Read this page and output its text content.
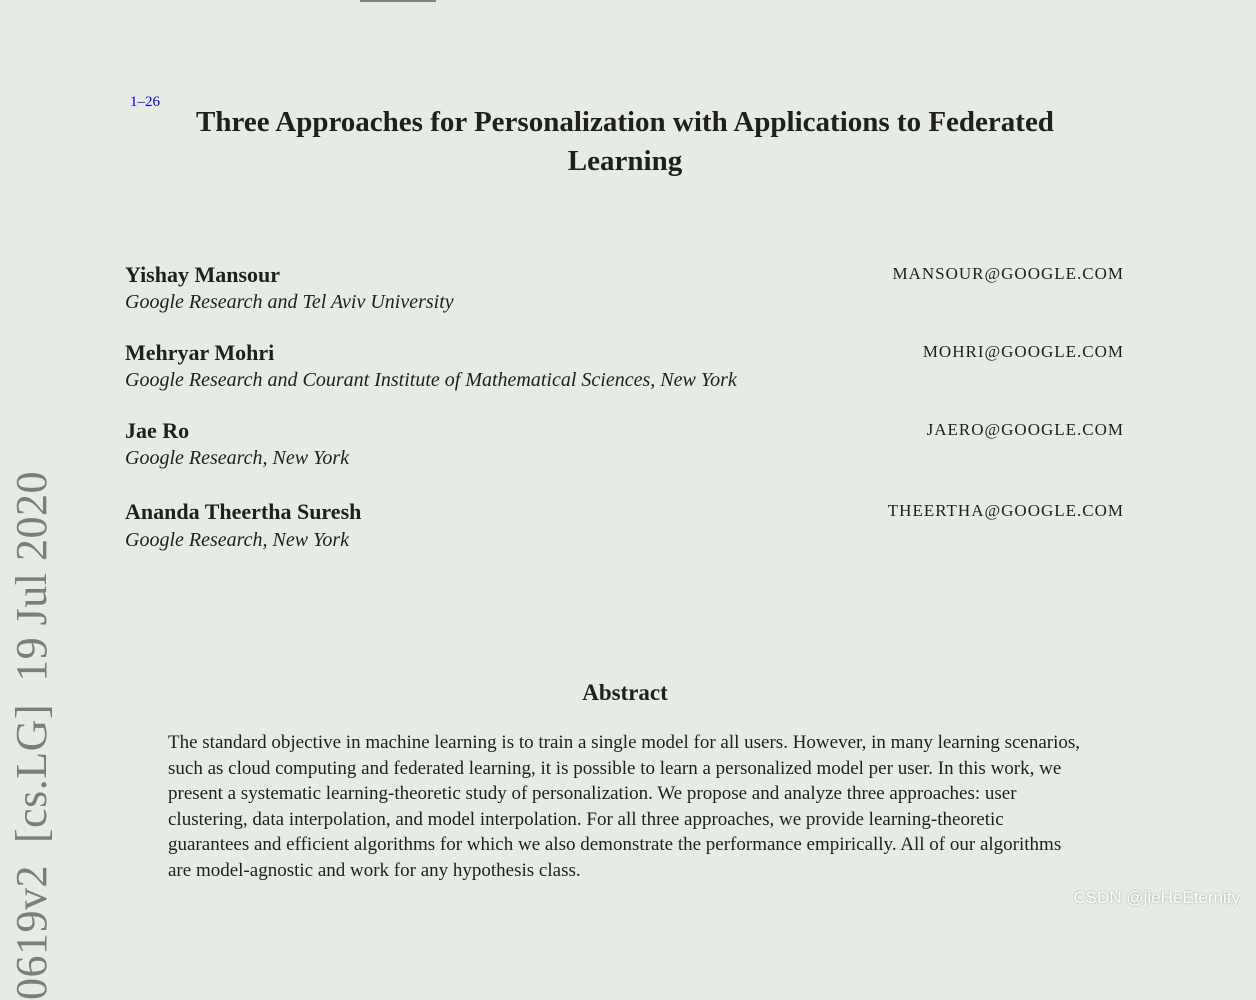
1–26
Three Approaches for Personalization with Applications to Federated Learning
Yishay Mansour	MANSOUR@GOOGLE.COM
Google Research and Tel Aviv University
Mehryar Mohri	MOHRI@GOOGLE.COM
Google Research and Courant Institute of Mathematical Sciences, New York
Jae Ro	JAERO@GOOGLE.COM
Google Research, New York
Ananda Theertha Suresh	THEERTHA@GOOGLE.COM
Google Research, New York
Abstract

The standard objective in machine learning is to train a single model for all users. However, in many learning scenarios, such as cloud computing and federated learning, it is possible to learn a personalized model per user. In this work, we present a systematic learning-theoretic study of personalization. We propose and analyze three approaches: user clustering, data interpolation, and model interpolation. For all three approaches, we provide learning-theoretic guarantees and efficient algorithms for which we also demonstrate the performance empirically. All of our algorithms are model-agnostic and work for any hypothesis class.

0619v2[cs.LG]19 Jul 2020
CSDN @jieHeEternity
